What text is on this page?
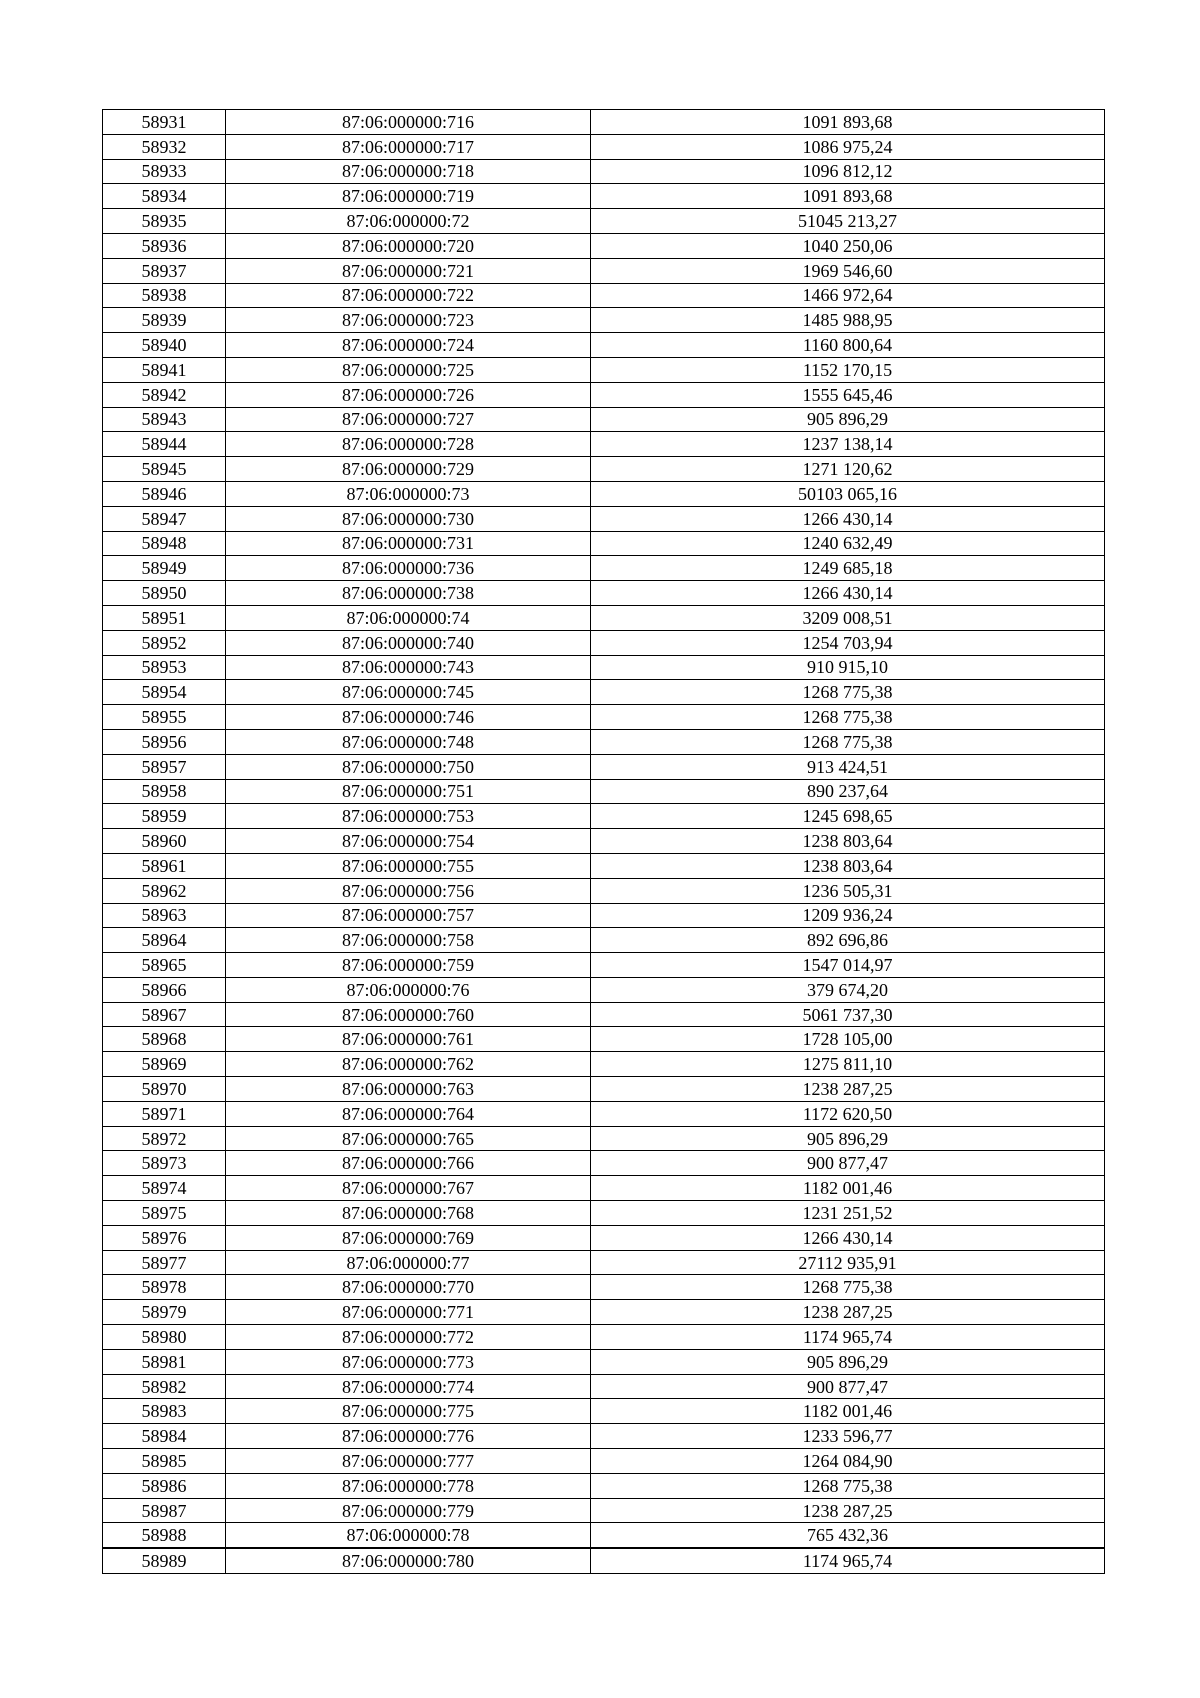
58931	87:06:000000:716	1091 893,68
58932	87:06:000000:717	1086 975,24
58933	87:06:000000:718	1096 812,12
58934	87:06:000000:719	1091 893,68
58935	87:06:000000:72	51045 213,27
58936	87:06:000000:720	1040 250,06
58937	87:06:000000:721	1969 546,60
58938	87:06:000000:722	1466 972,64
58939	87:06:000000:723	1485 988,95
58940	87:06:000000:724	1160 800,64
58941	87:06:000000:725	1152 170,15
58942	87:06:000000:726	1555 645,46
58943	87:06:000000:727	905 896,29
58944	87:06:000000:728	1237 138,14
58945	87:06:000000:729	1271 120,62
58946	87:06:000000:73	50103 065,16
58947	87:06:000000:730	1266 430,14
58948	87:06:000000:731	1240 632,49
58949	87:06:000000:736	1249 685,18
58950	87:06:000000:738	1266 430,14
58951	87:06:000000:74	3209 008,51
58952	87:06:000000:740	1254 703,94
58953	87:06:000000:743	910 915,10
58954	87:06:000000:745	1268 775,38
58955	87:06:000000:746	1268 775,38
58956	87:06:000000:748	1268 775,38
58957	87:06:000000:750	913 424,51
58958	87:06:000000:751	890 237,64
58959	87:06:000000:753	1245 698,65
58960	87:06:000000:754	1238 803,64
58961	87:06:000000:755	1238 803,64
58962	87:06:000000:756	1236 505,31
58963	87:06:000000:757	1209 936,24
58964	87:06:000000:758	892 696,86
58965	87:06:000000:759	1547 014,97
58966	87:06:000000:76	379 674,20
58967	87:06:000000:760	5061 737,30
58968	87:06:000000:761	1728 105,00
58969	87:06:000000:762	1275 811,10
58970	87:06:000000:763	1238 287,25
58971	87:06:000000:764	1172 620,50
58972	87:06:000000:765	905 896,29
58973	87:06:000000:766	900 877,47
58974	87:06:000000:767	1182 001,46
58975	87:06:000000:768	1231 251,52
58976	87:06:000000:769	1266 430,14
58977	87:06:000000:77	27112 935,91
58978	87:06:000000:770	1268 775,38
58979	87:06:000000:771	1238 287,25
58980	87:06:000000:772	1174 965,74
58981	87:06:000000:773	905 896,29
58982	87:06:000000:774	900 877,47
58983	87:06:000000:775	1182 001,46
58984	87:06:000000:776	1233 596,77
58985	87:06:000000:777	1264 084,90
58986	87:06:000000:778	1268 775,38
58987	87:06:000000:779	1238 287,25
58988	87:06:000000:78	765 432,36
58989	87:06:000000:780	1174 965,74
